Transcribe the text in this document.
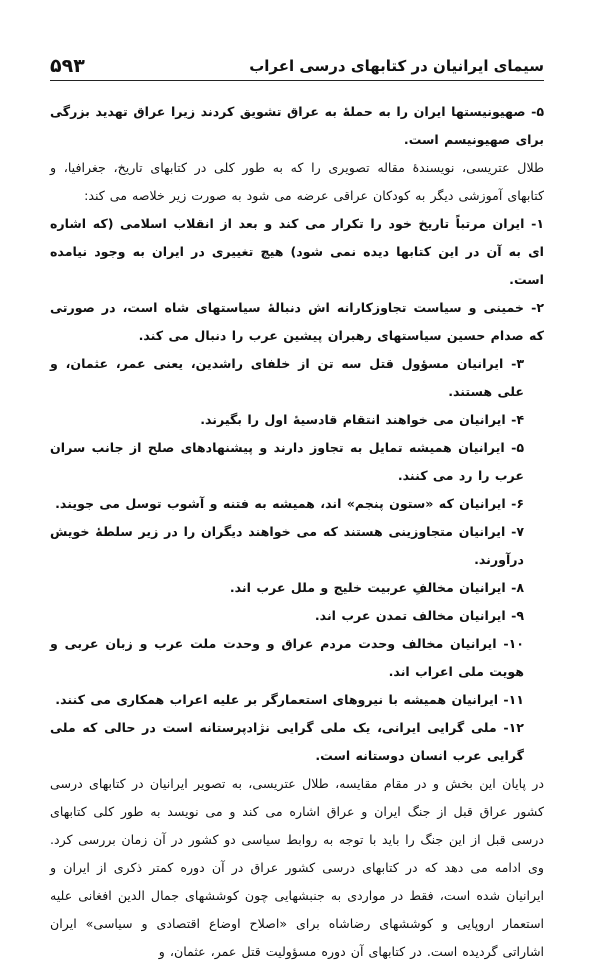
سیمای ایرانیان در کتابهای درسی اعراب
۵۹۳

۵- صهیونیستها ایران را به حملهٔ به عراق تشویق کردند زیرا عراق تهدید بزرگی برای صهیونیسم است.

طلال عتریسی، نویسندهٔ مقاله تصویری را که به طور کلی در کتابهای تاریخ، جغرافیا، و کتابهای آموزشی دیگر به کودکان عراقی عرضه می شود به صورت زیر خلاصه می کند:

۱- ایران مرتباً تاریخ خود را تکرار می کند و بعد از انقلاب اسلامی (که اشاره ای به آن در این کتابها دیده نمی شود) هیچ تغییری در ایران به وجود نیامده است.

۲- خمینی و سیاست تجاوزکارانه اش دنبالهٔ سیاستهای شاه است، در صورتی که صدام حسین سیاستهای رهبران پیشین عرب را دنبال می کند.

۳- ایرانیان مسؤول قتل سه تن از خلفای راشدین، یعنی عمر، عثمان، و علی هستند.

۴- ایرانیان می خواهند انتقام قادسیهٔ اول را بگیرند.

۵- ایرانیان همیشه تمایل به تجاوز دارند و پیشنهادهای صلح از جانب سران عرب را رد می کنند.

۶- ایرانیان که «ستون پنجم» اند، همیشه به فتنه و آشوب توسل می جویند.

۷- ایرانیان متجاوزینی هستند که می خواهند دیگران را در زیر سلطهٔ خویش درآورند.

۸- ایرانیان مخالفِ عربیت خلیج و ملل عرب اند.

۹- ایرانیان مخالف تمدن عرب اند.

۱۰- ایرانیان مخالف وحدت مردم عراق و وحدت ملت عرب و زبان عربی و هویت ملی اعراب اند.

۱۱- ایرانیان همیشه با نیروهای استعمارگر بر علیه اعراب همکاری می کنند.

۱۲- ملی گرایی ایرانی، یک ملی گرایی نژادپرستانه است در حالی که ملی گرایی عرب انسان دوستانه است.

در پایان این بخش و در مقام مقایسه، طلال عتریسی، به تصویر ایرانیان در کتابهای درسی کشور عراق قبل از جنگ ایران و عراق اشاره می کند و می نویسد به طور کلی کتابهای درسی قبل از این جنگ را باید با توجه به روابط سیاسی دو کشور در آن زمان بررسی کرد. وی ادامه می دهد که در کتابهای درسی کشور عراق در آن دوره کمتر ذکری از ایران و ایرانیان شده است، فقط در مواردی به جنبشهایی چون کوششهای جمال الدین افغانی علیه استعمار اروپایی و کوششهای رضاشاه برای «اصلاح اوضاع اقتصادی و سیاسی» ایران اشاراتی گردیده است. در کتابهای آن دوره مسؤولیت قتل عمر، عثمان، و
